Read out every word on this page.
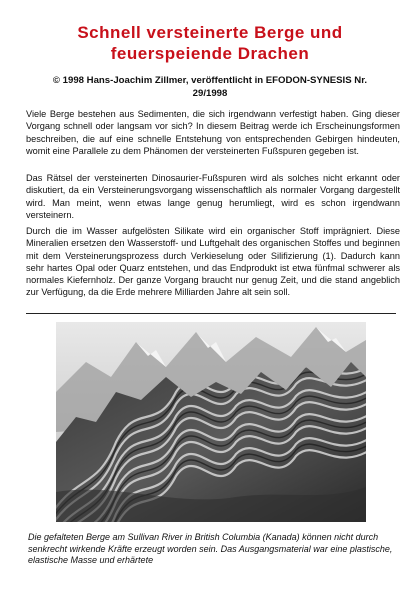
Schnell versteinerte Berge und
feuerspeiende Drachen
© 1998 Hans-Joachim Zillmer, veröffentlicht in EFODON-SYNESIS Nr.
29/1998

Viele Berge bestehen aus Sedimenten, die sich irgendwann verfestigt haben. Ging dieser Vorgang schnell oder langsam vor sich? In diesem Beitrag werde ich Erscheinungsformen beschreiben, die auf eine schnelle Entstehung von entsprechenden Gebirgen hindeuten, womit eine Parallele zu dem Phänomen der versteinerten Fußspuren gegeben ist.

Das Rätsel der versteinerten Dinosaurier-Fußspuren wird als solches nicht erkannt oder diskutiert, da ein Versteinerungsvorgang wissenschaftlich als normaler Vorgang dargestellt wird. Man meint, wenn etwas lange genug herumliegt, wird es schon irgendwann versteinern.

Durch die im Wasser aufgelösten Silikate wird ein organischer Stoff imprägniert. Diese Mineralien ersetzen den Wasserstoff- und Luftgehalt des organischen Stoffes und beginnen mit dem Versteinerungsprozess durch Verkieselung oder Silifizierung (1). Dadurch kann sehr hartes Opal oder Quarz entstehen, und das Endprodukt ist etwa fünfmal schwerer als normales Kiefernholz. Der ganze Vorgang braucht nur genug Zeit, und die stand angeblich zur Verfügung, da die Erde mehrere Milliarden Jahre alt sein soll.

Die gefalteten Berge am Sullivan River in British Columbia (Kanada) können nicht durch senkrecht wirkende Kräfte erzeugt worden sein. Das Ausgangsmaterial war eine plastische, elastische Masse und erhärtete
